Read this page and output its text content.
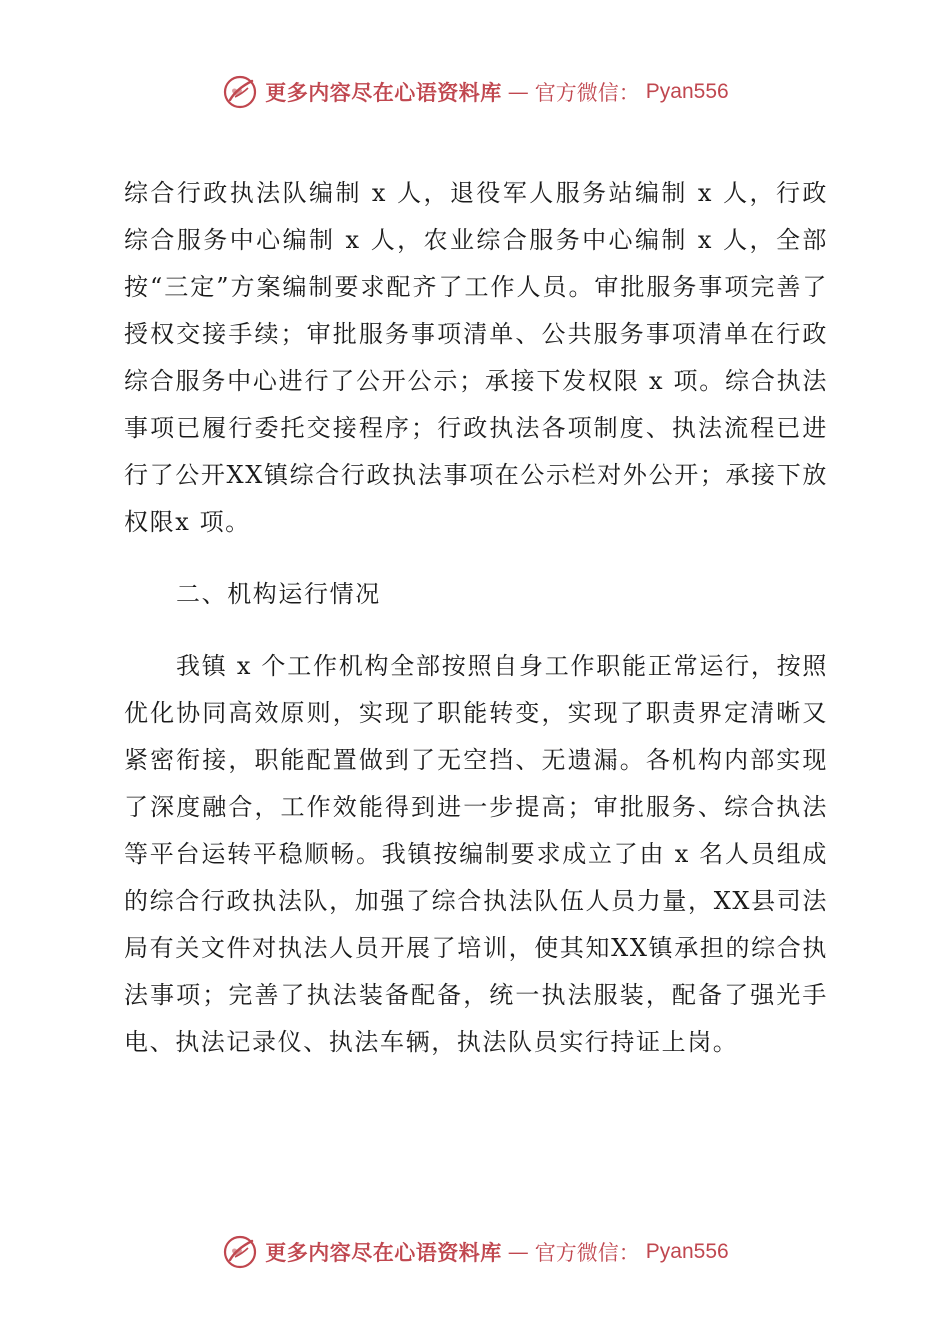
更多内容尽在心语资料库 — 官方微信： Pyan556

综合行政执法队编制 x 人，退役军人服务站编制 x 人，行政综合服务中心编制 x 人，农业综合服务中心编制 x 人，全部按“三定”方案编制要求配齐了工作人员。审批服务事项完善了授权交接手续；审批服务事项清单、公共服务事项清单在行政综合服务中心进行了公开公示；承接下发权限 x 项。综合执法事项已履行委托交接程序；行政执法各项制度、执法流程已进行了公开XX镇综合行政执法事项在公示栏对外公开；承接下放权限x 项。

二、机构运行情况

我镇 x 个工作机构全部按照自身工作职能正常运行，按照优化协同高效原则，实现了职能转变，实现了职责界定清晰又紧密衔接，职能配置做到了无空挡、无遗漏。各机构内部实现了深度融合，工作效能得到进一步提高；审批服务、综合执法等平台运转平稳顺畅。我镇按编制要求成立了由 x 名人员组成的综合行政执法队，加强了综合执法队伍人员力量，XX县司法局有关文件对执法人员开展了培训，使其知XX镇承担的综合执法事项；完善了执法装备配备，统一执法服装，配备了强光手电、执法记录仪、执法车辆，执法队员实行持证上岗。

更多内容尽在心语资料库 — 官方微信： Pyan556
